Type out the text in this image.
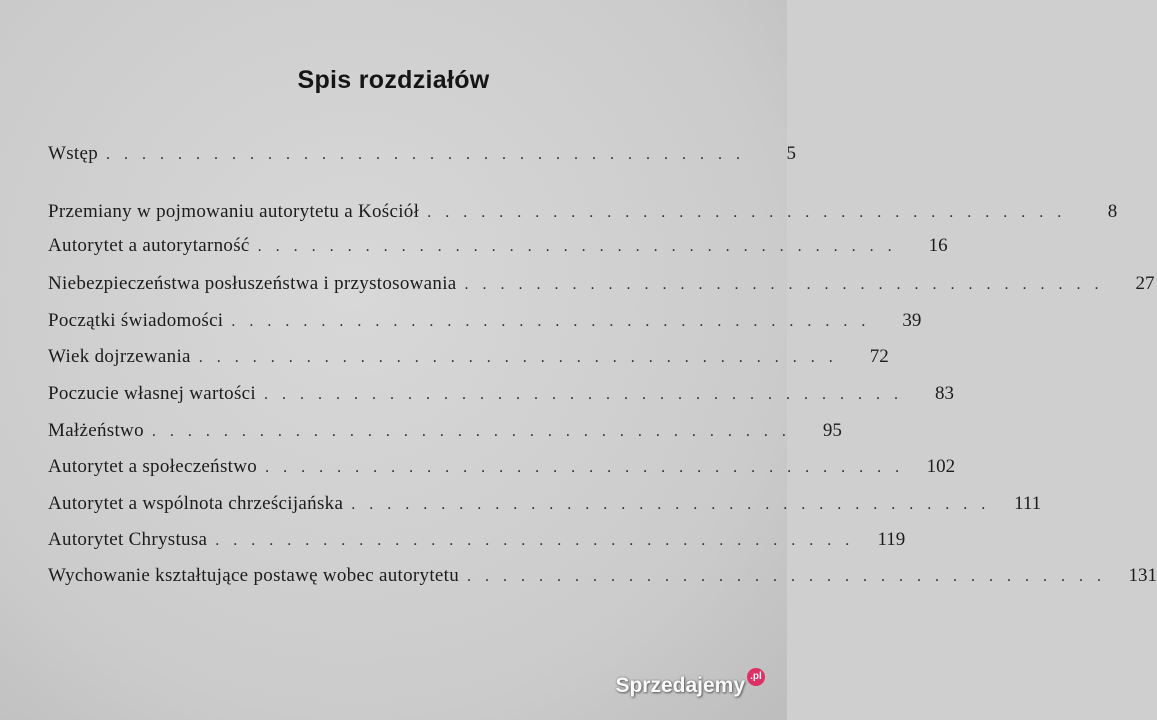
Spis rozdziałów
Wstęp ....................................	5
Przemiany w pojmowaniu autorytetu a Kościół ....................................	8
Autorytet a autorytarność ....................................	16
Niebezpieczeństwa posłuszeństwa i przystosowania ....................................	27
Początki świadomości ....................................	39
Wiek dojrzewania ....................................	72
Poczucie własnej wartości ....................................	83
Małżeństwo ....................................	95
Autorytet a społeczeństwo .................................... 102
Autorytet a wspólnota chrześcijańska .................................... 111
Autorytet Chrystusa .................................... 119
Wychowanie kształtujące postawę wobec autorytetu .................................... 131
Sprzedajemy .pl
